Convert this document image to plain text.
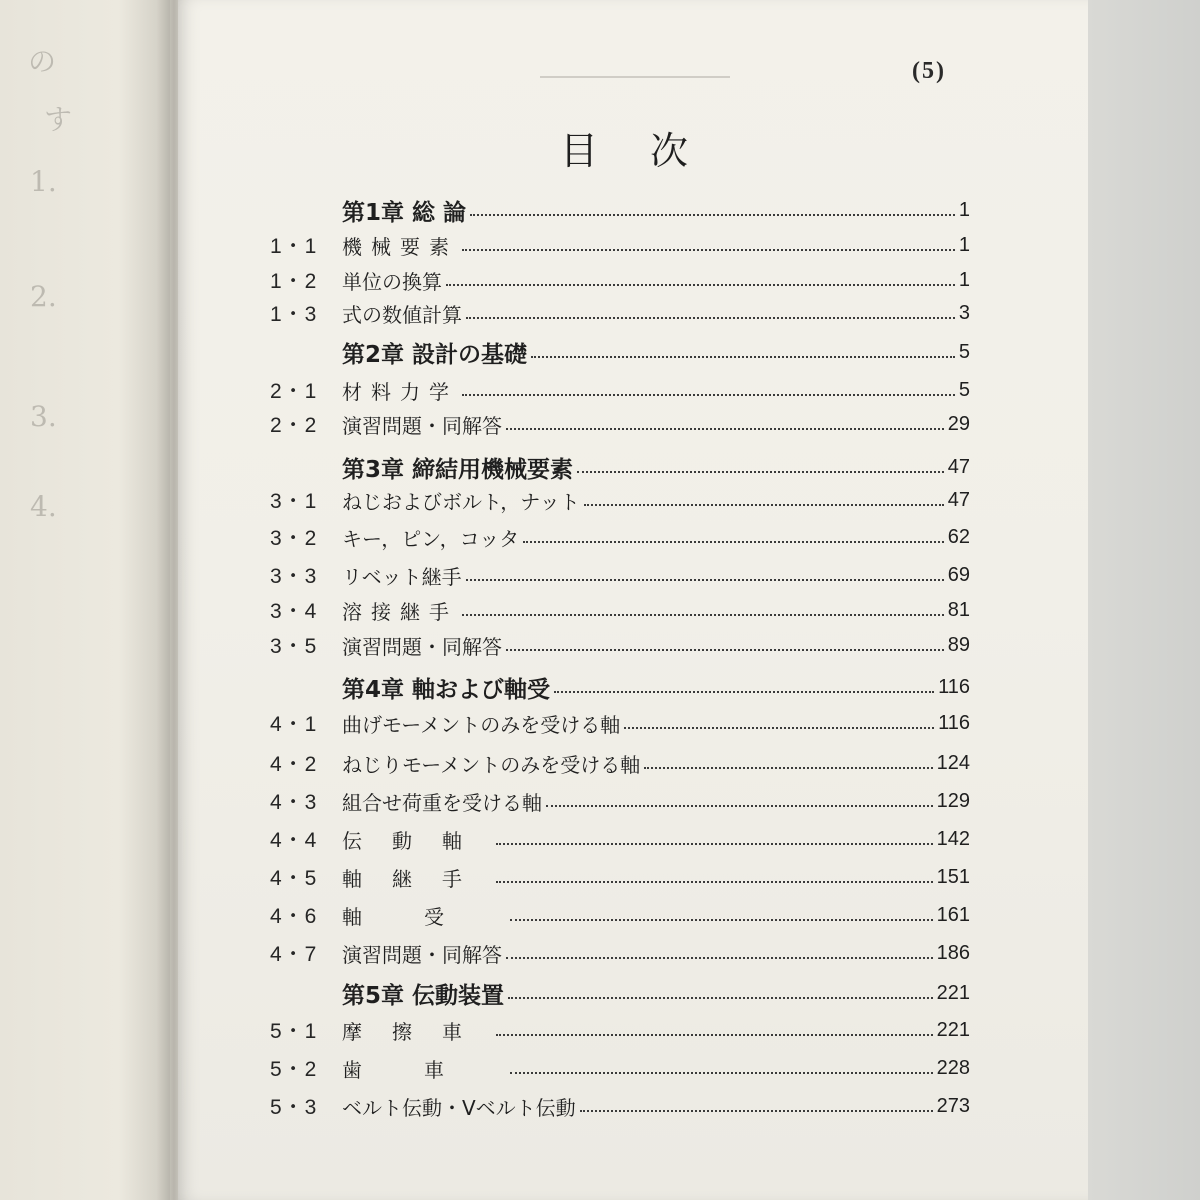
の
す
1.
2.
3.
4.
(5)
目次
第1章 総 論	1
1・1	機械要素	1
1・2	単位の換算	1
1・3	式の数値計算	3
第2章 設計の基礎	5
2・1	材料力学	5
2・2	演習問題・同解答	29
第3章 締結用機械要素	47
3・1	ねじおよびボルト，ナット	47
3・2	キー，ピン，コッタ	62
3・3	リベット継手	69
3・4	溶接継手	81
3・5	演習問題・同解答	89
第4章 軸および軸受	116
4・1	曲げモーメントのみを受ける軸	116
4・2	ねじりモーメントのみを受ける軸	124
4・3	組合せ荷重を受ける軸	129
4・4	伝動軸	142
4・5	軸継手	151
4・6	軸受	161
4・7	演習問題・同解答	186
第5章 伝動装置	221
5・1	摩擦車	221
5・2	歯車	228
5・3	ベルト伝動・Vベルト伝動	273
